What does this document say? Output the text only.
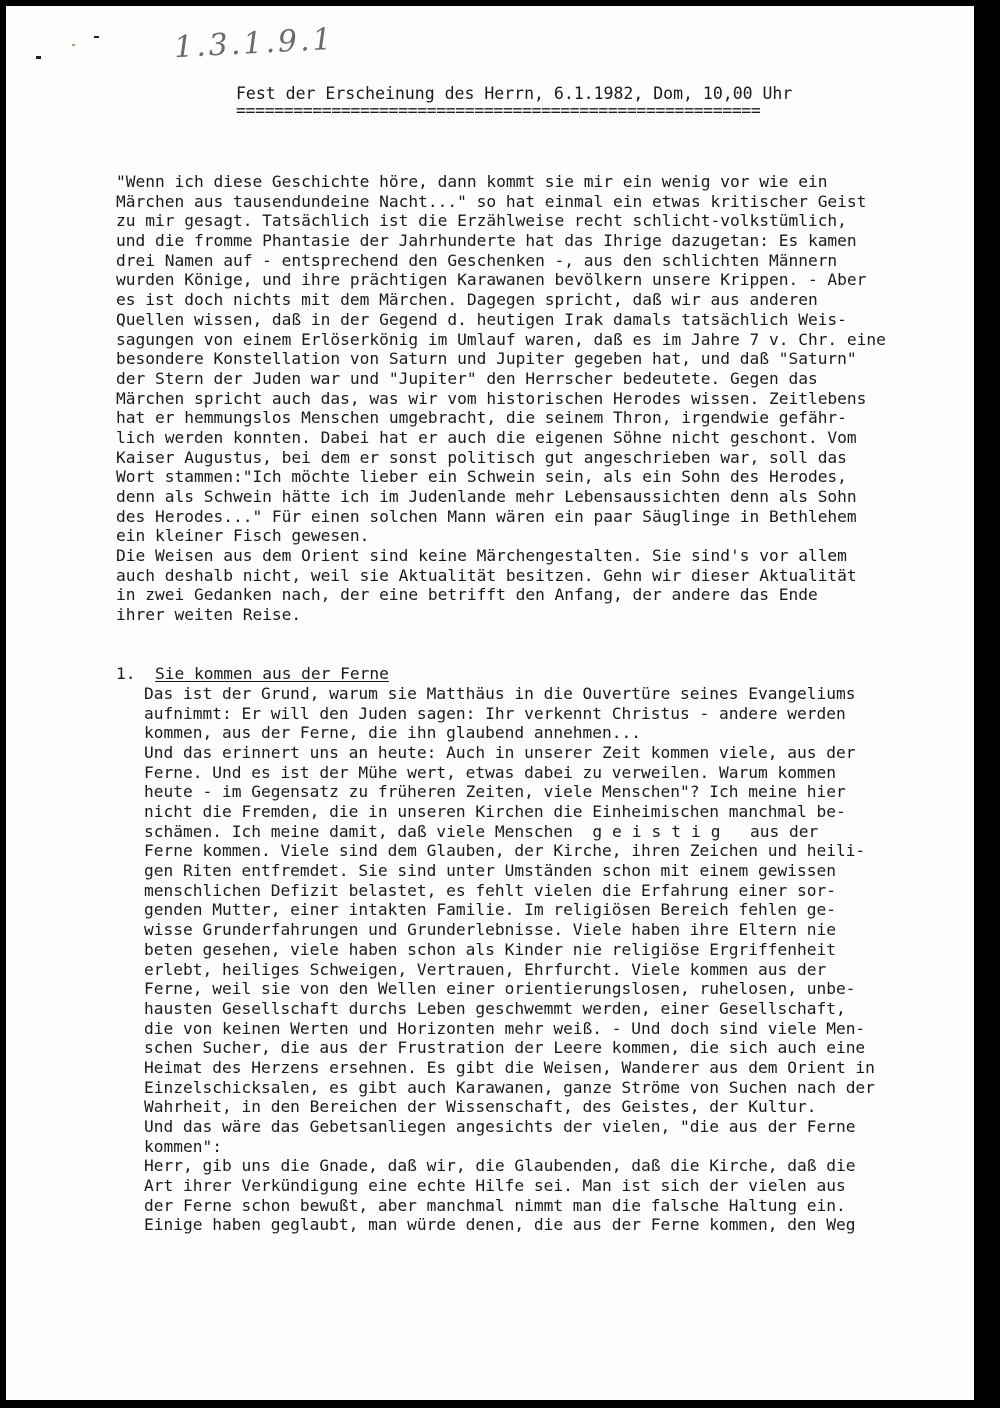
1.3.1.9.1
Fest der Erscheinung des Herrn, 6.1.1982, Dom, 10,00 Uhr
=======================================================
"Wenn ich diese Geschichte höre, dann kommt sie mir ein wenig vor wie ein
Märchen aus tausendundeine Nacht..." so hat einmal ein etwas kritischer Geist
zu mir gesagt. Tatsächlich ist die Erzählweise recht schlicht-volkstümlich,
und die fromme Phantasie der Jahrhunderte hat das Ihrige dazugetan: Es kamen
drei Namen auf - entsprechend den Geschenken -, aus den schlichten Männern
wurden Könige, und ihre prächtigen Karawanen bevölkern unsere Krippen. - Aber
es ist doch nichts mit dem Märchen. Dagegen spricht, daß wir aus anderen
Quellen wissen, daß in der Gegend d. heutigen Irak damals tatsächlich Weis-
sagungen von einem Erlöserkönig im Umlauf waren, daß es im Jahre 7 v. Chr. eine
besondere Konstellation von Saturn und Jupiter gegeben hat, und daß "Saturn"
der Stern der Juden war und "Jupiter" den Herrscher bedeutete. Gegen das
Märchen spricht auch das, was wir vom historischen Herodes wissen. Zeitlebens
hat er hemmungslos Menschen umgebracht, die seinem Thron, irgendwie gefähr-
lich werden konnten. Dabei hat er auch die eigenen Söhne nicht geschont. Vom
Kaiser Augustus, bei dem er sonst politisch gut angeschrieben war, soll das
Wort stammen:"Ich möchte lieber ein Schwein sein, als ein Sohn des Herodes,
denn als Schwein hätte ich im Judenlande mehr Lebensaussichten denn als Sohn
des Herodes..." Für einen solchen Mann wären ein paar Säuglinge in Bethlehem
ein kleiner Fisch gewesen.
Die Weisen aus dem Orient sind keine Märchengestalten. Sie sind's vor allem
auch deshalb nicht, weil sie Aktualität besitzen. Gehn wir dieser Aktualität
in zwei Gedanken nach, der eine betrifft den Anfang, der andere das Ende
ihrer weiten Reise.
1. Sie kommen aus der Ferne
Das ist der Grund, warum sie Matthäus in die Ouvertüre seines Evangeliums
aufnimmt: Er will den Juden sagen: Ihr verkennt Christus - andere werden
kommen, aus der Ferne, die ihn glaubend annehmen...
Und das erinnert uns an heute: Auch in unserer Zeit kommen viele, aus der
Ferne. Und es ist der Mühe wert, etwas dabei zu verweilen. Warum kommen
heute - im Gegensatz zu früheren Zeiten, viele Menschen"? Ich meine hier
nicht die Fremden, die in unseren Kirchen die Einheimischen manchmal be-
schämen. Ich meine damit, daß viele Menschen  geistig  aus der
Ferne kommen. Viele sind dem Glauben, der Kirche, ihren Zeichen und heili-
gen Riten entfremdet. Sie sind unter Umständen schon mit einem gewissen
menschlichen Defizit belastet, es fehlt vielen die Erfahrung einer sor-
genden Mutter, einer intakten Familie. Im religiösen Bereich fehlen ge-
wisse Grunderfahrungen und Grunderlebnisse. Viele haben ihre Eltern nie
beten gesehen, viele haben schon als Kinder nie religiöse Ergriffenheit
erlebt, heiliges Schweigen, Vertrauen, Ehrfurcht. Viele kommen aus der
Ferne, weil sie von den Wellen einer orientierungslosen, ruhelosen, unbe-
hausten Gesellschaft durchs Leben geschwemmt werden, einer Gesellschaft,
die von keinen Werten und Horizonten mehr weiß. - Und doch sind viele Men-
schen Sucher, die aus der Frustration der Leere kommen, die sich auch eine
Heimat des Herzens ersehnen. Es gibt die Weisen, Wanderer aus dem Orient in
Einzelschicksalen, es gibt auch Karawanen, ganze Ströme von Suchen nach der
Wahrheit, in den Bereichen der Wissenschaft, des Geistes, der Kultur.
Und das wäre das Gebetsanliegen angesichts der vielen, "die aus der Ferne
kommen":
Herr, gib uns die Gnade, daß wir, die Glaubenden, daß die Kirche, daß die
Art ihrer Verkündigung eine echte Hilfe sei. Man ist sich der vielen aus
der Ferne schon bewußt, aber manchmal nimmt man die falsche Haltung ein.
Einige haben geglaubt, man würde denen, die aus der Ferne kommen, den Weg
